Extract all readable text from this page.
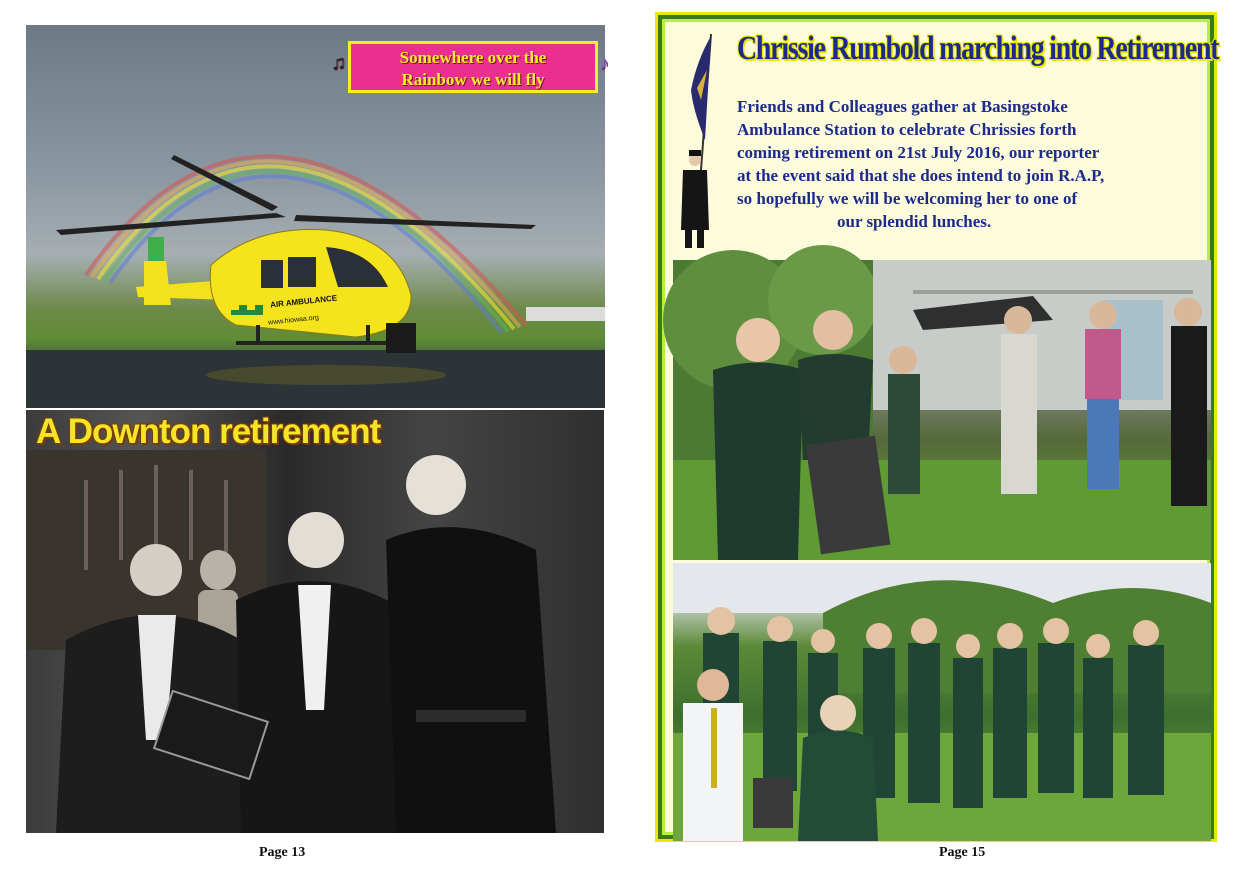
♫	Somewhere over the
Rainbow we will fly
♪
AIR AMBULANCE
www.hiowaa.org
A Downton retirement
Page 13
Chrissie Rumbold marching into Retirement
Friends and Colleagues gather at Basingstoke
Ambulance Station to celebrate Chrissies forth
coming retirement on 21st July 2016, our reporter
at the event said that she does intend to join R.A.P,
so hopefully we will be welcoming her to one of

our splendid lunches.
Page 15
